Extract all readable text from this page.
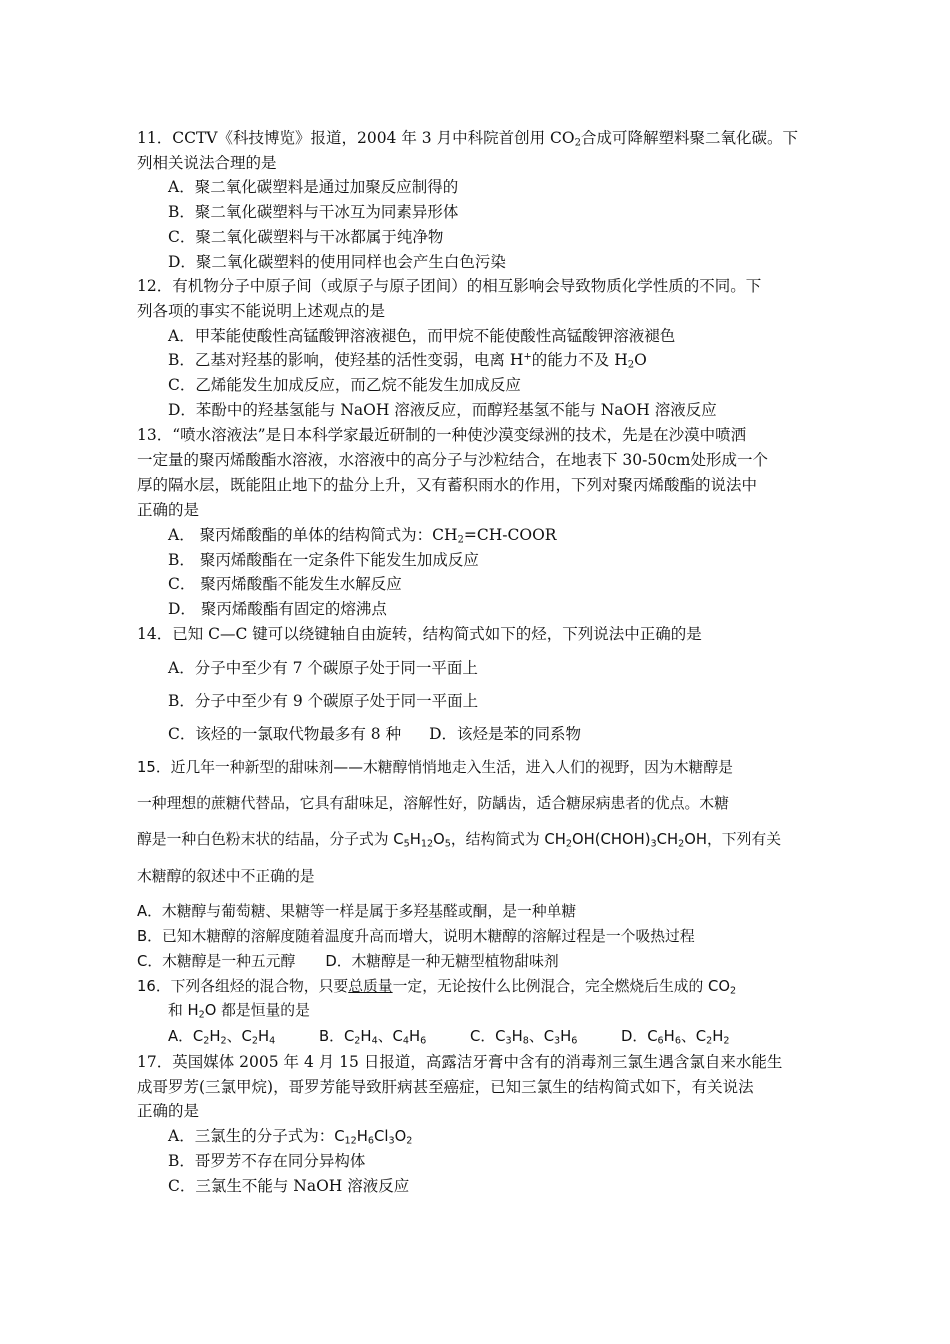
11．CCTV《科技博览》报道，2004 年 3 月中科院首创用 $CO_2$合成可降解塑料聚二氧化碳。下
列相关说法合理的是
A．聚二氧化碳塑料是通过加聚反应制得的
B．聚二氧化碳塑料与干冰互为同素异形体
C．聚二氧化碳塑料与干冰都属于纯净物
D．聚二氧化碳塑料的使用同样也会产生白色污染
12．有机物分子中原子间（或原子与原子团间）的相互影响会导致物质化学性质的不同。下
列各项的事实不能说明上述观点的是
A．甲苯能使酸性高锰酸钾溶液褪色，而甲烷不能使酸性高锰酸钾溶液褪色
B．乙基对羟基的影响，使羟基的活性变弱，电离 H+的能力不及 $H_2O$
C．乙烯能发生加成反应，而乙烷不能发生加成反应
D．苯酚中的羟基氢能与 NaOH 溶液反应，而醇羟基氢不能与 NaOH 溶液反应
13．“喷水溶液法”是日本科学家最近研制的一种使沙漠变绿洲的技术，先是在沙漠中喷洒
一定量的聚丙烯酸酯水溶液，水溶液中的高分子与沙粒结合，在地表下 30-50cm处形成一个
厚的隔水层，既能阻止地下的盐分上升，又有蓄积雨水的作用，下列对聚丙烯酸酯的说法中
正确的是
A． 聚丙烯酸酯的单体的结构简式为：$CH_2=CH$-COOR
B． 聚丙烯酸酯在一定条件下能发生加成反应
C． 聚丙烯酸酯不能发生水解反应
D． 聚丙烯酸酯有固定的熔沸点
14．已知 C—C 键可以绕键轴自由旋转，结构简式如下的烃，下列说法中正确的是
A．分子中至少有 7 个碳原子处于同一平面上
B．分子中至少有 9 个碳原子处于同一平面上
C．该烃的一氯取代物最多有 8 种 D．该烃是苯的同系物
15．近几年一种新型的甜味剂——木糖醇悄悄地走入生活，进入人们的视野，因为木糖醇是
一种理想的蔗糖代替品，它具有甜味足，溶解性好，防龋齿，适合糖尿病患者的优点。木糖
醇是一种白色粉末状的结晶，分子式为 $C_5H_{12}O_5$，结构简式为 $CH_2OH(CHOH)_3CH_2OH$，下列有关
木糖醇的叙述中不正确的是
A．木糖醇与葡萄糖、果糖等一样是属于多羟基醛或酮，是一种单糖
B．已知木糖醇的溶解度随着温度升高而增大，说明木糖醇的溶解过程是一个吸热过程
C．木糖醇是一种五元醇 D．木糖醇是一种无糖型植物甜味剂
16．下列各组烃的混合物，只要总质量一定，无论按什么比例混合，完全燃烧后生成的 $CO_2$
和 $H_2O$ 都是恒量的是
A．$C_2H_2$、$C_2H_4$	B．$C_2H_4$、$C_4H_6$	C．$C_3H_8$、$C_3H_6$	D．$C_6H_6$、$C_2H_2$
17．英国媒体 2005 年 4 月 15 日报道，高露洁牙膏中含有的消毒剂三氯生遇含氯自来水能生
成哥罗芳(三氯甲烷)，哥罗芳能导致肝病甚至癌症，已知三氯生的结构简式如下，有关说法
正确的是
A．三氯生的分子式为：$C_{12}H_6Cl_3O_2$
B．哥罗芳不存在同分异构体
C．三氯生不能与 NaOH 溶液反应
